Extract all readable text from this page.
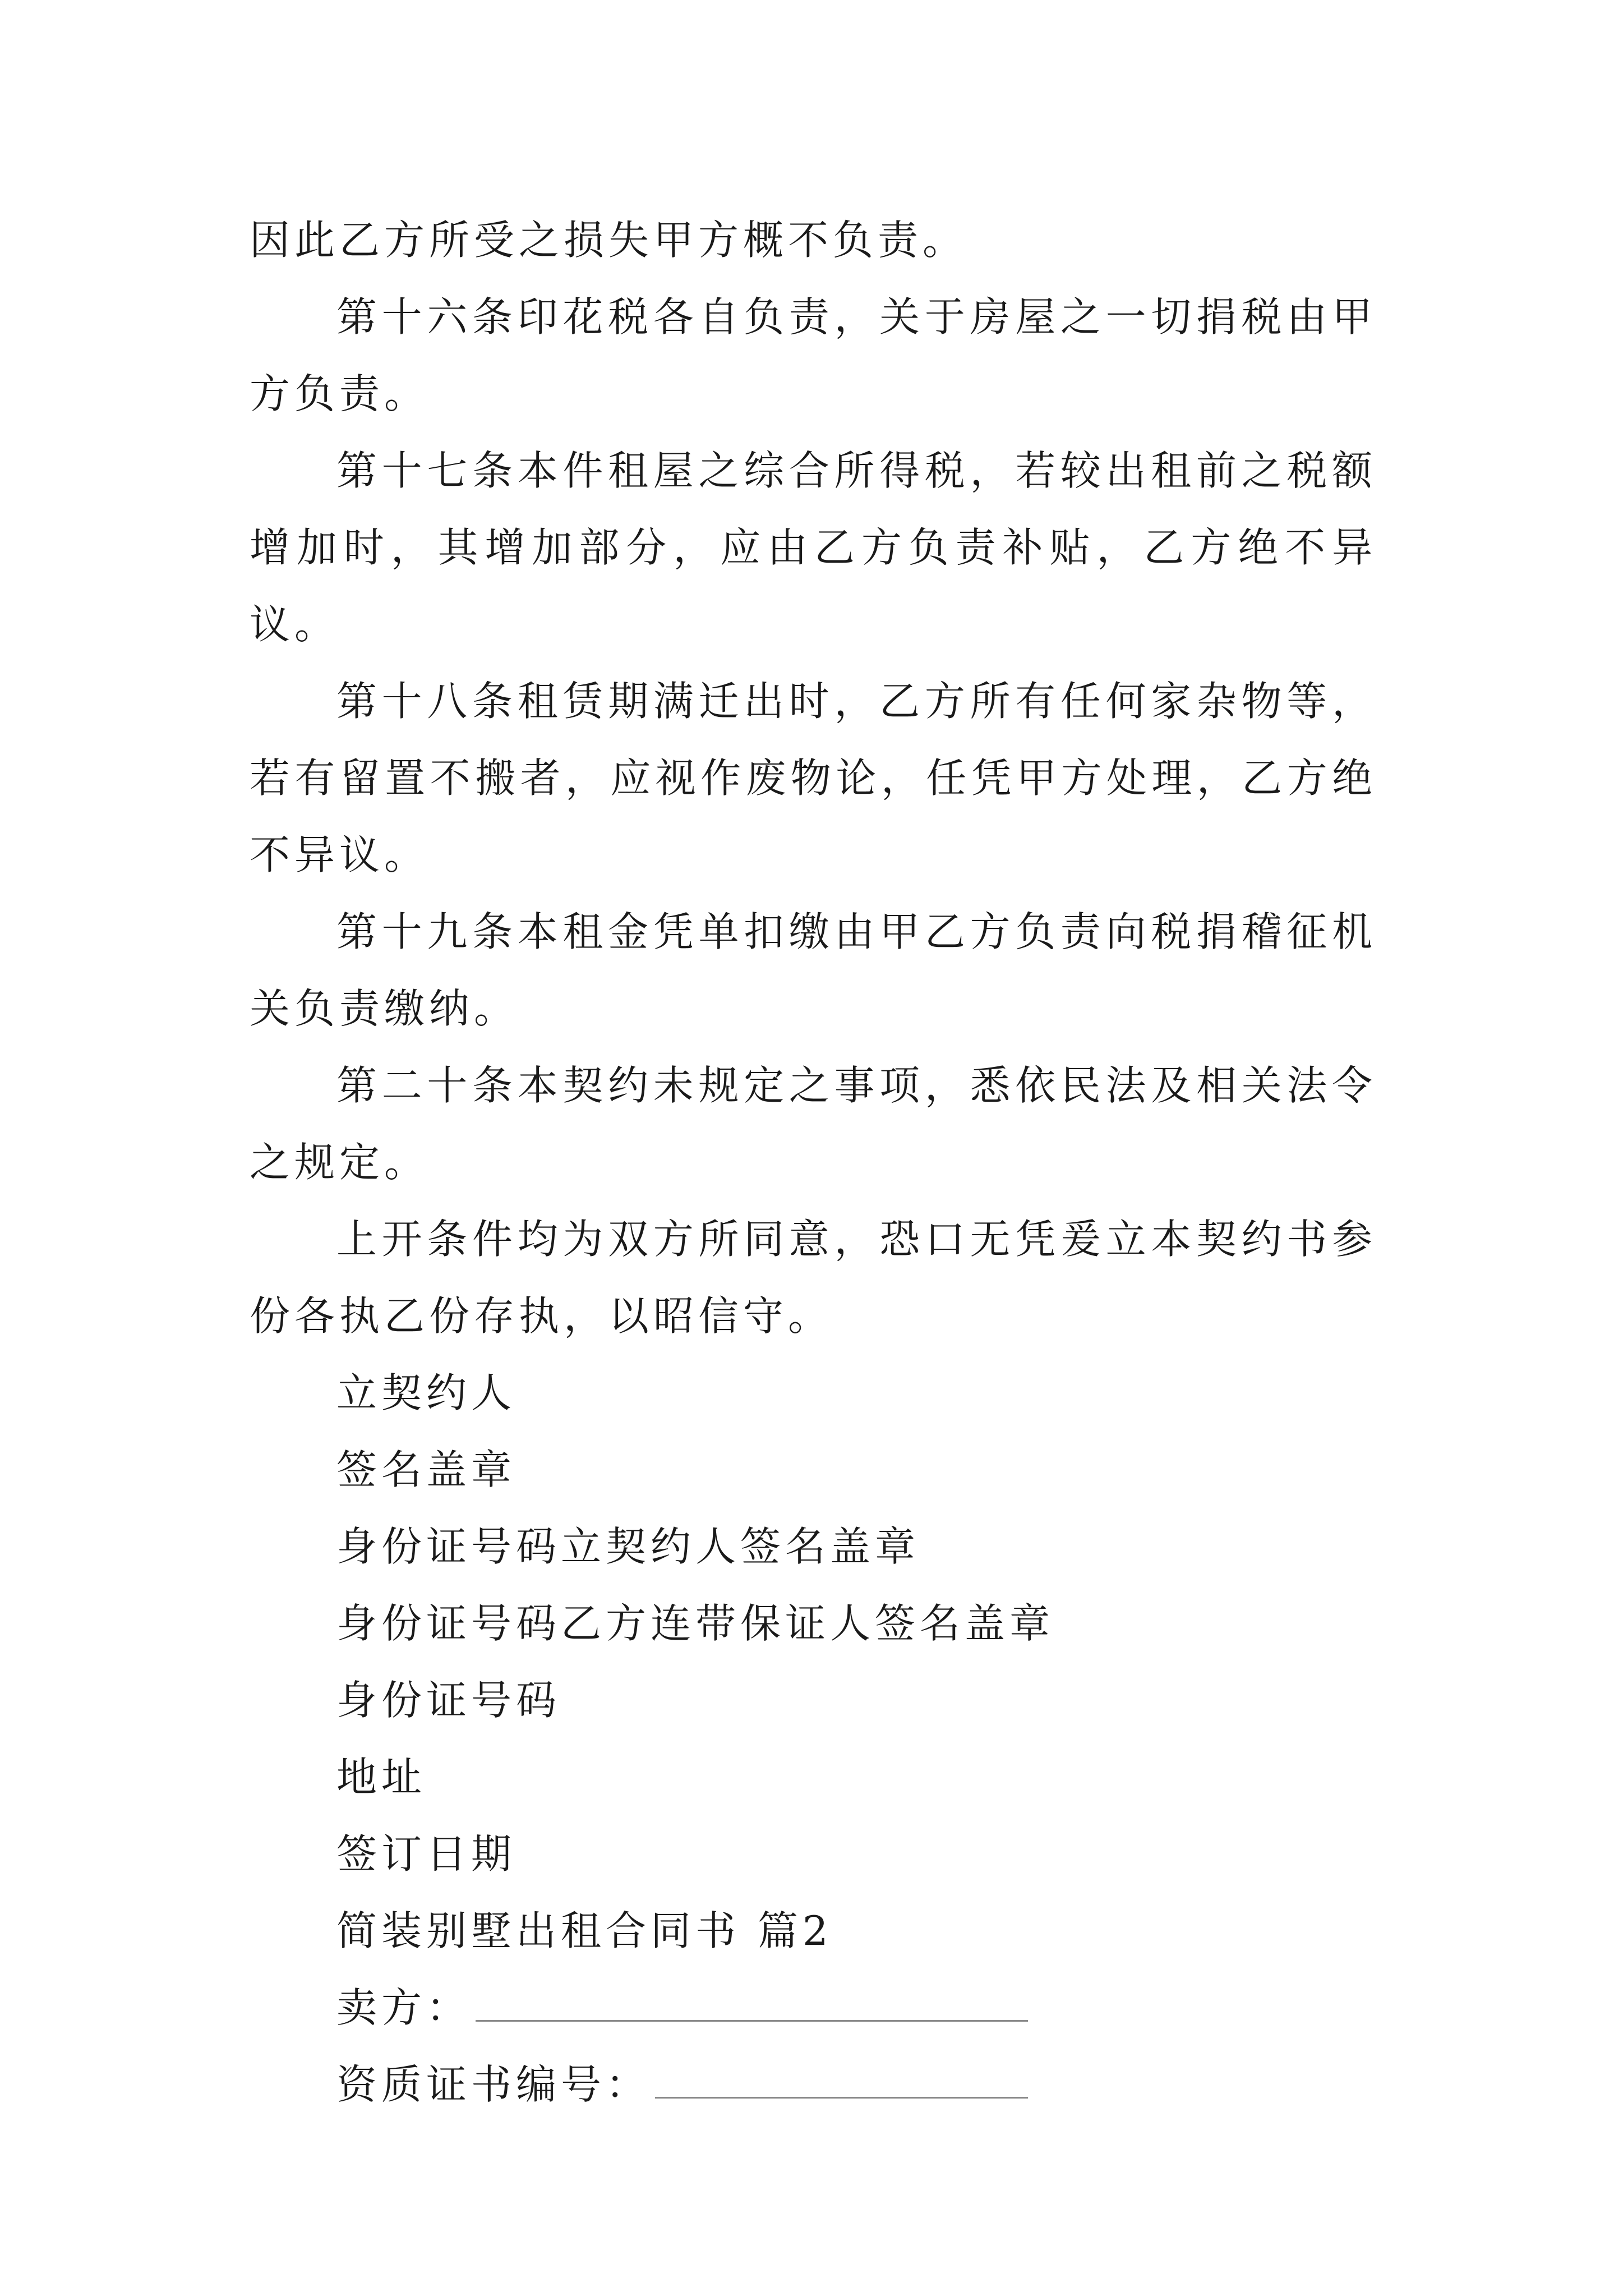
因此乙方所受之损失甲方概不负责。

第十六条印花税各自负责，关于房屋之一切捐税由甲方负责。

第十七条本件租屋之综合所得税，若较出租前之税额增加时，其增加部分，应由乙方负责补贴，乙方绝不异议。

第十八条租赁期满迁出时，乙方所有任何家杂物等，若有留置不搬者，应视作废物论，任凭甲方处理，乙方绝不异议。

第十九条本租金凭单扣缴由甲乙方负责向税捐稽征机关负责缴纳。

第二十条本契约未规定之事项，悉依民法及相关法令之规定。

上开条件均为双方所同意，恐口无凭爰立本契约书参份各执乙份存执，以昭信守。

立契约人

签名盖章

身份证号码立契约人签名盖章

身份证号码乙方连带保证人签名盖章

身份证号码

地址

签订日期

简装别墅出租合同书 篇2

卖方：

资质证书编号：
